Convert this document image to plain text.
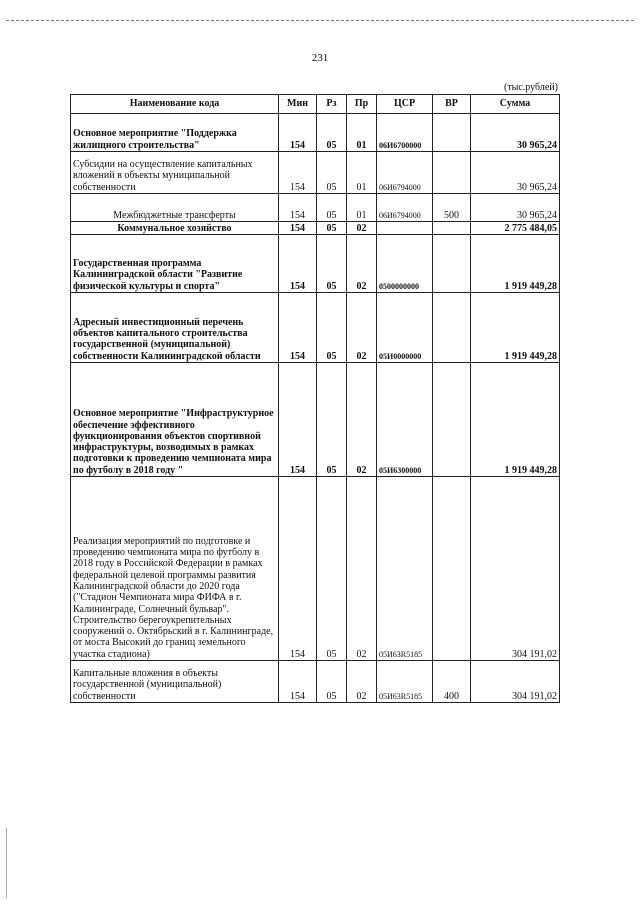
231
(тыс.рублей)
Наименование кода	Мин	Рз	Пр	ЦСР	ВР	Сумма
Основное мероприятие "Поддержка жилищного строительства"	154	05	01	06И6700000		30 965,24
Субсидии на осуществление капитальных вложений в объекты муниципальной собственности	154	05	01	06И6794000		30 965,24
Межбюджетные трансферты	154	05	01	06И6794000	500	30 965,24
Коммунальное хозяйство	154	05	02			2 775 484,05
Государственная программа Калининградской области "Развитие физической культуры и спорта"	154	05	02	0500000000		1 919 449,28
Адресный инвестиционный перечень объектов капитального строительства государственной (муниципальной) собственности Калининградской области	154	05	02	05И0000000		1 919 449,28
Основное мероприятие "Инфраструктурное обеспечение эффективного функционирования объектов спортивной инфраструктуры, возводимых в рамках подготовки к проведению чемпионата мира по футболу в 2018 году "	154	05	02	05И6300000		1 919 449,28
Реализация мероприятий по подготовке и проведению чемпионата мира по футболу в 2018 году в Российской Федерации в рамках федеральной целевой программы развития Калининградской области до 2020 года ("Стадион Чемпионата мира ФИФА в г. Калининграде, Солнечный бульвар". Строительство берегоукрепительных сооружений о. Октябрьский в г. Калининграде, от моста Высокий до границ земельного участка стадиона)	154	05	02	05И63R5185		304 191,02
Капитальные вложения в объекты государственной (муниципальной) собственности	154	05	02	05И63R5185	400	304 191,02
